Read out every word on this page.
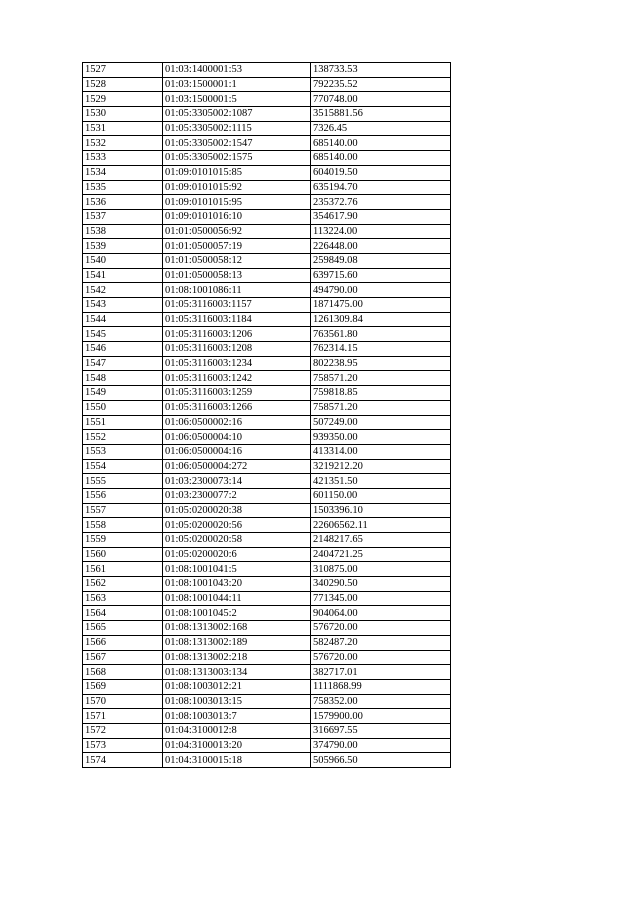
1527	01:03:1400001:53	138733.53
1528	01:03:1500001:1	792235.52
1529	01:03:1500001:5	770748.00
1530	01:05:3305002:1087	3515881.56
1531	01:05:3305002:1115	7326.45
1532	01:05:3305002:1547	685140.00
1533	01:05:3305002:1575	685140.00
1534	01:09:0101015:85	604019.50
1535	01:09:0101015:92	635194.70
1536	01:09:0101015:95	235372.76
1537	01:09:0101016:10	354617.90
1538	01:01:0500056:92	113224.00
1539	01:01:0500057:19	226448.00
1540	01:01:0500058:12	259849.08
1541	01:01:0500058:13	639715.60
1542	01:08:1001086:11	494790.00
1543	01:05:3116003:1157	1871475.00
1544	01:05:3116003:1184	1261309.84
1545	01:05:3116003:1206	763561.80
1546	01:05:3116003:1208	762314.15
1547	01:05:3116003:1234	802238.95
1548	01:05:3116003:1242	758571.20
1549	01:05:3116003:1259	759818.85
1550	01:05:3116003:1266	758571.20
1551	01:06:0500002:16	507249.00
1552	01:06:0500004:10	939350.00
1553	01:06:0500004:16	413314.00
1554	01:06:0500004:272	3219212.20
1555	01:03:2300073:14	421351.50
1556	01:03:2300077:2	601150.00
1557	01:05:0200020:38	1503396.10
1558	01:05:0200020:56	22606562.11
1559	01:05:0200020:58	2148217.65
1560	01:05:0200020:6	2404721.25
1561	01:08:1001041:5	310875.00
1562	01:08:1001043:20	340290.50
1563	01:08:1001044:11	771345.00
1564	01:08:1001045:2	904064.00
1565	01:08:1313002:168	576720.00
1566	01:08:1313002:189	582487.20
1567	01:08:1313002:218	576720.00
1568	01:08:1313003:134	382717.01
1569	01:08:1003012:21	1111868.99
1570	01:08:1003013:15	758352.00
1571	01:08:1003013:7	1579900.00
1572	01:04:3100012:8	316697.55
1573	01:04:3100013:20	374790.00
1574	01:04:3100015:18	505966.50
